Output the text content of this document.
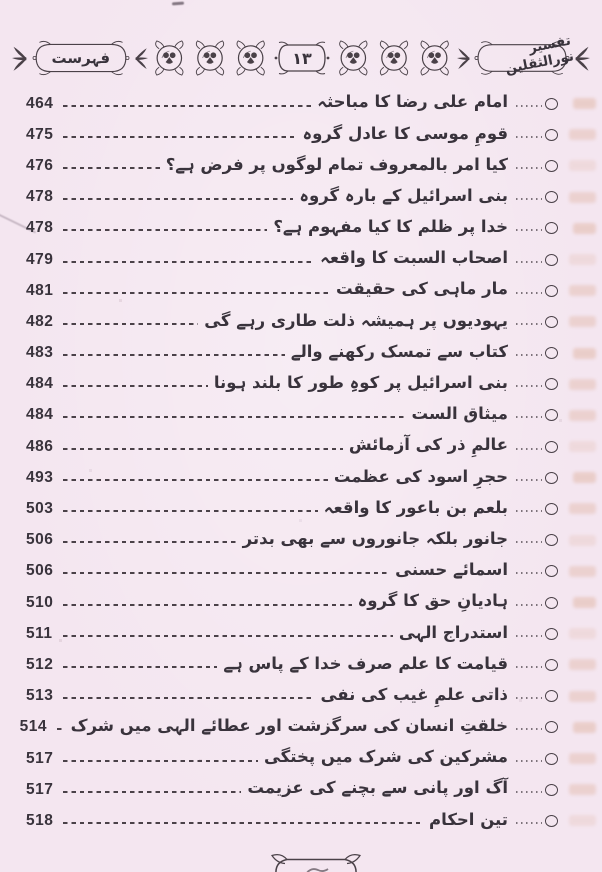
فہرست	۱۳
تفسیر نورالثقلین
امام علی رضا کا مباحثہ
464
قومِ موسی کا عادل گروہ
475
کیا امر بالمعروف تمام لوگوں پر فرض ہے؟
476
بنی اسرائیل کے بارہ گروہ
478
خدا پر ظلم کا کیا مفہوم ہے؟
478
اصحاب السبت کا واقعہ
479
مار ماہی کی حقیقت
481
یہودیوں پر ہمیشہ ذلت طاری رہے گی
482
کتاب سے تمسک رکھنے والے
483
بنی اسرائیل پر کوہِ طور کا بلند ہونا
484
میثاق الست
484
عالمِ ذر کی آزمائش
486
حجرِ اسود کی عظمت
493
بلعم بن باعور کا واقعہ
503
جانور بلکہ جانوروں سے بھی بدتر
506
اسمائے حسنی
506
ہادیانِ حق کا گروہ
510
استدراج الہی
511
قیامت کا علم صرف خدا کے پاس ہے
512
ذاتی علمِ غیب کی نفی
513
خلقتِ انسان کی سرگزشت اور عطائے الہی میں شرک
514
مشرکین کی شرک میں پختگی
517
آگ اور پانی سے بچنے کی عزیمت
517
تین احکام
518
